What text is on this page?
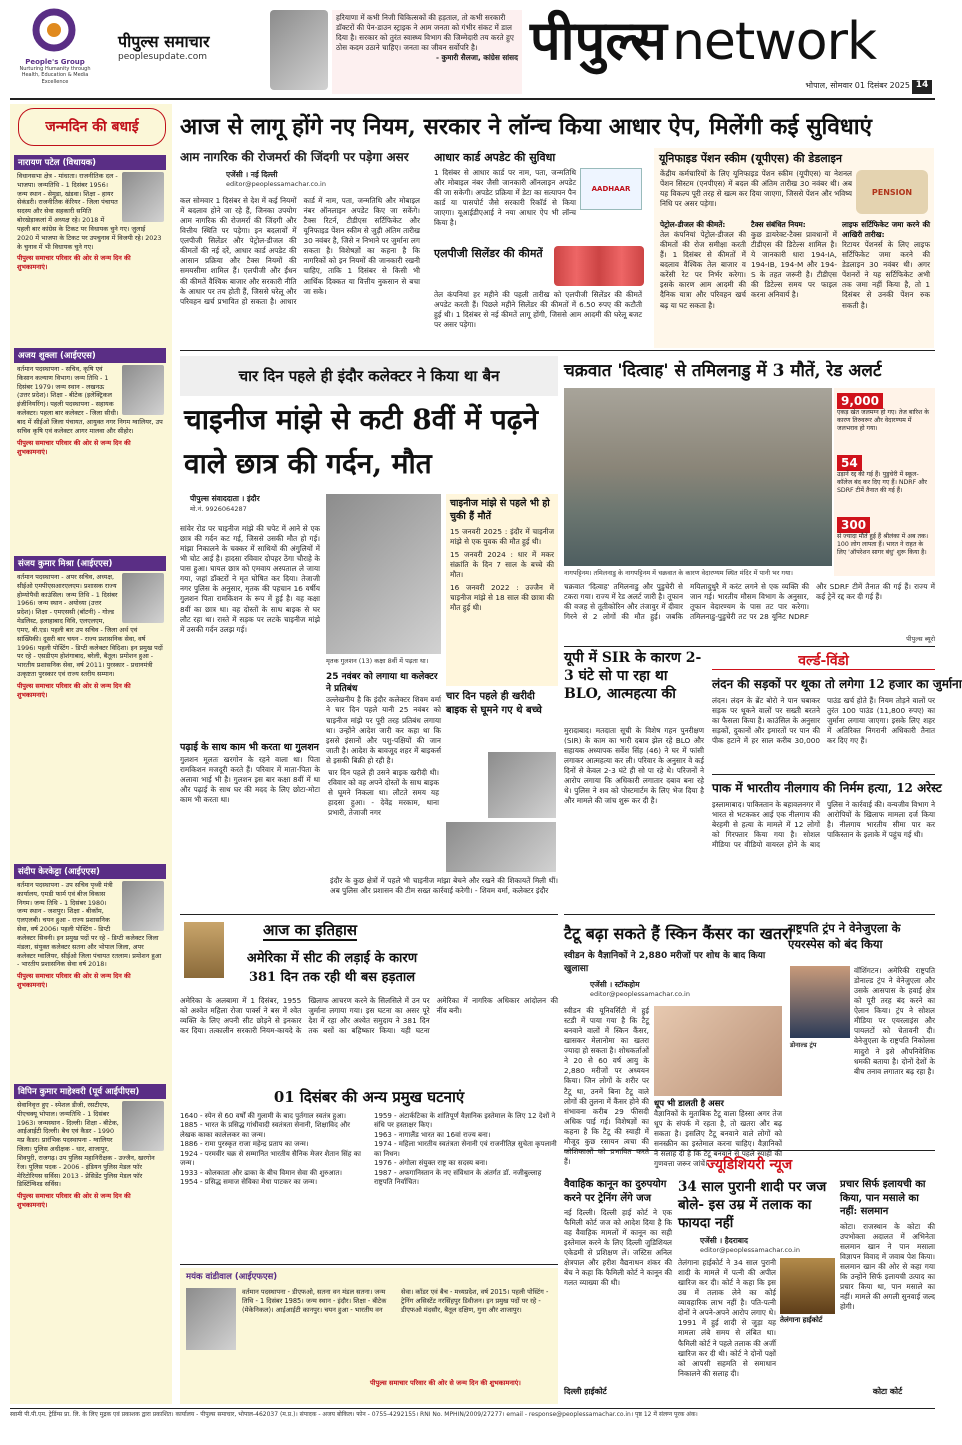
People's Group
Nurturing Humanity through Health, Education & Media Excellence
पीपुल्स समाचार
peoplesupdate.com
हरियाणा में कभी निजी चिकित्सकों की हड़ताल, तो कभी सरकारी डॉक्टरों की पेन-डाउन स्ट्राइक ने आम जनता को गंभीर संकट में डाल दिया है। सरकार को तुरंत स्वास्थ्य विभाग की जिम्मेदारी तय करते हुए ठोस कदम उठाने चाहिए। जनता का जीवन सर्वोपरि है।
- कुमारी सैलजा, कांग्रेस सांसद पीपुल्स network
भोपाल, सोमवार 01 दिसंबर 2025 14
जन्मदिन की बधाई
नारायण पटेल (विधायक)
विधानसभा क्षेत्र - मांधाता। राजनीतिक दल - भाजपा। जन्मतिथि - 1 दिसंबर 1956। जन्म स्थान - सेमुडा, खंडवा। शिक्षा - हायर सेकंडरी। राजनीतिक कॅरियर - जिला पंचायत सदस्य और सेवा सहकारी समिति बोरखेड़ाकलां में अध्यक्ष रहे। 2018 में पहली बार कांग्रेस के टिकट पर विधायक चुने गए। जुलाई 2020 में भाजपा के टिकट पर उपचुनाव में विजयी रहे। 2023 के चुनाव में भी विधायक चुने गए।
पीपुल्स समाचार परिवार की ओर से जन्म दिन की शुभकामनाएं।
अजय शुक्ला (आईएएस)
वर्तमान पदस्थापना - सचिव, कृषि एवं किसान कल्याण विभाग। जन्म तिथि - 1 दिसंबर 1979। जन्म स्थान - लखनऊ (उत्तर प्रदेश)। शिक्षा - बीटेक (इलेक्ट्रिकल इंजीनियरिंग)। पहली पदस्थापना - सहायक कलेक्टर। पहला बार कलेक्टर - जिला सीधी। बाद में सीईओ जिला पंचायत, आयुक्त नगर निगम ग्वालियर, उप सचिव कृषि एवं कलेक्टर आगर मालवा और सीहोर।
पीपुल्स समाचार परिवार की ओर से जन्म दिन की शुभकामनाएं।
संजय कुमार मिश्रा (आईएएस)
वर्तमान पदस्थापना - अपर सचिव, अध्यक्ष, सीईओ एमपीएसआरएलएम। प्रशासक राज्य होम्योपैथी काउंसिल। जन्म तिथि - 1 दिसंबर 1966। जन्म स्थान - अयोध्या (उत्तर प्रदेश)। शिक्षा - एमएससी (बॉटनी) - गोल्ड मेडलिस्ट, इलाहाबाद विवि, एलएलएम, एमए, बी.एड। पहली बार उप सचिव - जिला अर्थ एवं सांख्यिकी। दूसरी बार चयन - राज्य प्रशासनिक सेवा, वर्ष 1996। पहली पोस्टिंग - डिप्टी कलेक्टर विदिशा। इन प्रमुख पदों पर रहे - एसडीएम होशंगाबाद, बरेली, बैतूल। प्रमोशन हुआ - भारतीय प्रशासनिक सेवा, वर्ष 2011। पुरस्कार - प्रधानमंत्री उत्कृष्टता पुरस्कार एवं राज्य स्तरीय सम्मान।
पीपुल्स समाचार परिवार की ओर से जन्म दिन की शुभकामनाएं।
संदीप केरकेट्टा (आईएएस)
वर्तमान पदस्थापना - उप सचिव पृथ्वी मंत्री कार्यालय, एमडी फार्म एवं बीज विकास निगम। जन्म तिथि - 1 दिसंबर 1980। जन्म स्थान - जशपुर। शिक्षा - बीकॉम, एलएलबी। चयन हुआ - राज्य प्रशासनिक सेवा, वर्ष 2006। पहली पोस्टिंग - डिप्टी कलेक्टर सिवनी। इन प्रमुख पदों पर रहे - डिप्टी कलेक्टर जिला मंडला, संयुक्त कलेक्टर सतना और भोपाल जिला, अपर कलेक्टर ग्वालियर, सीईओ जिला पंचायत रतलाम। प्रमोशन हुआ - भारतीय प्रशासनिक सेवा वर्ष 2018।
पीपुल्स समाचार परिवार की ओर से जन्म दिन की शुभकामनाएं।
विपिन कुमार माहेश्वरी (पूर्व आईपीएस)
सेवानिवृत्त हुए - स्पेशल डीजी, रसटीएफ, पीएचक्यू भोपाल। जन्मतिथि - 1 दिसंबर 1963। जन्मस्थान - दिल्ली। शिक्षा - बीटेक, आईआईटी दिल्ली। बैच एवं कैडर - 1990 मप्र कैडर। प्रारंभिक पदस्थापना - ग्वालियर जिला। पुलिस अधीक्षक - धार, शाजापुर, शिवपुरी, राजगढ़। उप पुलिस महानिरीक्षक - उज्जैन, खरगोन रेंज। पुलिस पदक - 2006 - इंडियन पुलिस मेडल फॉर मेरिटोरियस सर्विस। 2013 - प्रेसिडेंट पुलिस मेडल फॉर डिस्टिंग्विश्ड सर्विस।
पीपुल्स समाचार परिवार की ओर से जन्म दिन की शुभकामनाएं।
आज से लागू होंगे नए नियम, सरकार ने लॉन्च किया आधार ऐप, मिलेंगी कई सुविधाएं
आम नागरिक की रोजमर्रा की जिंदगी पर पड़ेगा असर
एजेंसी । नई दिल्ली
editor@peoplessamachar.co.in
कल सोमवार 1 दिसंबर से देश में कई नियमों में बदलाव होने जा रहे हैं, जिनका उपयोग आम नागरिक की रोजमर्रा की जिंदगी और वित्तीय स्थिति पर पड़ेगा। इन बदलावों में एलपीजी सिलेंडर और पेट्रोल-डीजल की कीमतों की नई दरें, आधार कार्ड अपडेट की आसान प्रक्रिया और टैक्स नियमों की समयसीमा शामिल हैं। एलपीजी और ईंधन की कीमतें वैश्विक बाजार और सरकारी नीति के आधार पर तय होती हैं, जिससे घरेलू और परिवहन खर्च प्रभावित हो सकता है। आधार कार्ड में नाम, पता, जन्मतिथि और मोबाइल नंबर ऑनलाइन अपडेट किए जा सकेंगे। टैक्स रिटर्न, टीडीएस सर्टिफिकेट और यूनिफाइड पेंशन स्कीम से जुड़ी अंतिम तारीख 30 नवंबर है, जिसे न निभाने पर जुर्माना लग सकता है। विशेषज्ञों का कहना है कि नागरिकों को इन नियमों की जानकारी रखनी चाहिए, ताकि 1 दिसंबर से किसी भी आर्थिक दिक्कत या वित्तीय नुकसान से बचा जा सके।
आधार कार्ड अपडेट की सुविधा
AADHAAR
1 दिसंबर से आधार कार्ड पर नाम, पता, जन्मतिथि और मोबाइल नंबर जैसी जानकारी ऑनलाइन अपडेट की जा सकेगी। अपडेट प्रक्रिया में डेटा का सत्यापन पैन कार्ड या पासपोर्ट जैसे सरकारी रिकॉर्ड से किया जाएगा। यूआईडीएआई ने नया आधार ऐप भी लॉन्च किया है।
एलपीजी सिलेंडर की कीमतें
तेल कंपनियां हर महीने की पहली तारीख को एलपीजी सिलेंडर की कीमतें अपडेट करती हैं। पिछले महीने सिलेंडर की कीमतों में 6.50 रुपए की कटौती हुई थी। 1 दिसंबर से नई कीमतें लागू होंगी, जिससे आम आदमी की घरेलू बजट पर असर पड़ेगा।
यूनिफाइड पेंशन स्कीम (यूपीएस) की डेडलाइन
केंद्रीय कर्मचारियों के लिए यूनिफाइड पेंशन स्कीम (यूपीएस) या नेशनल पेंशन सिस्टम (एनपीएस) में बदल की अंतिम तारीख 30 नवंबर थी। अब यह विकल्प पूरी तरह से खत्म कर दिया जाएगा, जिससे पेंशन और भविष्य निधि पर असर पड़ेगा।
PENSION
पेट्रोल-डीजल की कीमतें:
तेल कंपनियां पेट्रोल-डीजल की कीमतों की रोज समीक्षा करती हैं। 1 दिसंबर से कीमतों में बदलाव वैश्विक तेल बाजार व करेंसी रेट पर निर्भर करेगा। इसके कारण आम आदमी की दैनिक यात्रा और परिवहन खर्च बढ़ या घट सकता है।
टैक्स संबंधित नियम:
कुछ डायरेक्ट-टैक्स प्रावधानों में टीडीएस की डिटेल्स शामिल है। ये जानकारी धारा 194-IA, 194-IB, 194-M और 194-S के तहत जरूरी है। टीडीएस की डिटेल्स समय पर फाइल करना अनिवार्य है।
लाइफ सर्टिफिकेट जमा करने की आखिरी तारीख:
रिटायर पेंशनर्स के लिए लाइफ सर्टिफिकेट जमा करने की डेडलाइन 30 नवंबर थी। अगर पेंशनरों ने यह सर्टिफिकेट अभी तक जमा नहीं किया है, तो 1 दिसंबर से उनकी पेंशन रुक सकती है।
चार दिन पहले ही इंदौर कलेक्टर ने किया था बैन
चाइनीज मांझे से कटी 8वीं में पढ़ने वाले छात्र की गर्दन, मौत
पीपुल्स संवाददाता । इंदौर
मो.नं. 9926064287
सांवेर रोड पर चाइनीज मांझे की चपेट में आने से एक छात्र की गर्दन कट गई, जिससे उसकी मौत हो गई। मांझा निकालने के चक्कर में साथियों की अंगुलियों में भी चोट आई है। हादसा रविवार दोपहर ठेंगा चौराहे के पास हुआ। घायल छात्र को एमवाय अस्पताल ले जाया गया, जहां डॉक्टरों ने मृत घोषित कर दिया। तेजाजी नगर पुलिस के अनुसार, मृतक की पहचान 16 वर्षीय गुलशन पिता रामकिशन के रूप में हुई है। वह कक्षा 8वीं का छात्र था। वह दोस्तों के साथ बाइक से घर लौट रहा था। रास्ते में सड़क पर लटके चाइनीज मांझे में उसकी गर्दन उलझ गई।
मृतक गुलशन (13) कक्षा 8वीं में पढ़ता था।
25 नवंबर को लगाया था कलेक्टर ने प्रतिबंध
उल्लेखनीय है कि इंदौर कलेक्टर शिवम वर्मा ने चार दिन पहले यानी 25 नवंबर को चाइनीज मांझे पर पूरी तरह प्रतिबंध लगाया था। उन्होंने आदेश जारी कर कहा था कि इससे इंसानों और पशु-पक्षियों की जान जाती है। आदेश के बावजूद शहर में बाइकर्स से इसकी बिक्री हो रही है।
पढ़ाई के साथ काम भी करता था गुलशन
गुलशन मूलतः खरगोन के रहने वाला था। पिता रामकिशन मजदूरी करते हैं। परिवार में माता-पिता के अलावा भाई भी है। गुलशन इस बार कक्षा 8वीं में था और पढ़ाई के साथ घर की मदद के लिए छोटा-मोटा काम भी करता था।
चार दिन पहले ही उसने बाइक खरीदी थी। रविवार को वह अपने दोस्तों के साथ बाइक से घूमने निकला था। लौटते समय यह हादसा हुआ। - देवेंद्र मरकाम, थाना प्रभारी, तेजाजी नगर
चाइनीज मांझे से पहले भी हो चुकी हैं मौतें
15 जनवरी 2025 : इंदौर में चाइनीज मांझे से एक युवक की मौत हुई थी।
15 जनवरी 2024 : धार में मकर संक्रांति के दिन 7 साल के बच्चे की मौत।
16 जनवरी 2022 : उज्जैन में चाइनीज मांझे से 18 साल की छात्रा की मौत हुई थी।
चार दिन पहले ही खरीदी बाइक से घूमने गए थे बच्चे
इंदौर के कुछ क्षेत्रों में पहले भी चाइनीज मांझा बेचने और रखने की शिकायतें मिली थीं। अब पुलिस और प्रशासन की टीम सख्त कार्रवाई करेगी। - शिवम वर्मा, कलेक्टर इंदौर
चक्रवात 'दित्वाह' से तमिलनाडु में 3 मौतें, रेड अलर्ट
नागपट्टिनम। तमिलनाडु के नागपट्टिनम में चक्रवात के कारण वेदारण्यम स्थित मंदिर में पानी भर गया।
9,000
एकड़ खेत जलमग्न हो गए। तेज बारिश के कारण तिरुवरूर और वेदारण्यम में जलभराव हो गया।
54
उड़ानें रद्द की गई हैं। पुडुचेरी में स्कूल-कॉलेज बंद कर दिए गए हैं। NDRF और SDRF टीमें तैनात की गई हैं।
300
से ज्यादा मौतें हुई हैं श्रीलंका में अब तक। 100 लोग लापता हैं। भारत ने राहत के लिए 'ऑपरेशन सागर बंधु' शुरू किया है।
चक्रवात 'दित्वाह' तमिलनाडु और पुडुचेरी से टकरा गया। राज्य में रेड अलर्ट जारी है। तूफान की वजह से तूतीकोरिन और तंजावुर में दीवार गिरने से 2 लोगों की मौत हुई। जबकि मयिलादुथुरै में करंट लगने से एक व्यक्ति की जान गई। भारतीय मौसम विभाग के अनुसार, तूफान वेदारण्यम के पास तट पार करेगा। तमिलनाडु-पुडुचेरी तट पर 28 यूनिट NDRF और SDRF टीमें तैनात की गई हैं। राज्य में कई ट्रेनें रद्द कर दी गई हैं।
पीपुल्स ब्यूरो
यूपी में SIR के कारण 2-3 घंटे सो पा रहा था BLO, आत्महत्या की
मुरादाबाद। मतदाता सूची के विशेष गहन पुनरीक्षण (SIR) के काम का भारी दबाव झेल रहे BLO और सहायक अध्यापक सर्वेश सिंह (46) ने घर में फांसी लगाकर आत्महत्या कर ली। परिवार के अनुसार वे कई दिनों से केवल 2-3 घंटे ही सो पा रहे थे। परिजनों ने आरोप लगाया कि अधिकारी लगातार दबाव बना रहे थे। पुलिस ने शव को पोस्टमार्टम के लिए भेज दिया है और मामले की जांच शुरू कर दी है।
वर्ल्ड-विंडो
लंदन की सड़कों पर थूका तो लगेगा 12 हजार का जुर्माना
लंदन। लंदन के ब्रेंट बोरो ने पान चबाकर सड़क पर थूकने वालों पर सख्ती बरतने का फैसला किया है। काउंसिल के अनुसार सड़कों, दुकानों और इमारतों पर पान की पीक हटाने में हर साल करीब 30,000 पाउंड खर्च होते हैं। नियम तोड़ने वालों पर तुरंत 100 पाउंड (11,800 रुपए) का जुर्माना लगाया जाएगा। इसके लिए शहर में अतिरिक्त निगरानी अधिकारी तैनात कर दिए गए हैं।
पाक में भारतीय नीलगाय की निर्मम हत्या, 12 अरेस्ट
इस्लामाबाद। पाकिस्तान के बहावलनगर में भारत से भटककर आई एक नीलगाय की बेरहमी से हत्या के मामले में 12 लोगों को गिरफ्तार किया गया है। सोशल मीडिया पर वीडियो वायरल होने के बाद पुलिस ने कार्रवाई की। वन्यजीव विभाग ने आरोपियों के खिलाफ मामला दर्ज किया है। नीलगाय भारतीय सीमा पार कर पाकिस्तान के इलाके में पहुंच गई थी।
आज का इतिहास
अमेरिका में सीट की लड़ाई के कारण 381 दिन तक रही थी बस हड़ताल
अमेरिका के अलबामा में 1 दिसंबर, 1955 को अश्वेत महिला रोजा पार्क्स ने बस में श्वेत व्यक्ति के लिए अपनी सीट छोड़ने से इनकार कर दिया। तत्कालीन सरकारी नियम-कायदे के खिलाफ आचरण करने के सिलसिले में उन पर जुर्माना लगाया गया। इस घटना का असर पूरे देश में रहा और अश्वेत समुदाय ने 381 दिन तक बसों का बहिष्कार किया। यही घटना अमेरिका में नागरिक अधिकार आंदोलन की नींव बनी।
01 दिसंबर की अन्य प्रमुख घटनाएं
1640 - स्पेन से 60 वर्षों की गुलामी के बाद पुर्तगाल स्वतंत्र हुआ।
1885 - भारत के प्रसिद्ध गांधीवादी स्वतंत्रता सेनानी, शिक्षाविद और लेखक काका कालेलकर का जन्म।
1886 - रामा पुरस्कृत राजा महेन्द्र प्रताप का जन्म।
1924 - परमवीर चक्र से सम्मानित भारतीय सैनिक मेजर शैतान सिंह का जन्म।
1933 - कोलकाता और ढाका के बीच विमान सेवा की शुरुआत।
1954 - प्रसिद्ध समाज सेविका मेधा पाटकर का जन्म।
1959 - अंटार्कटिका के शांतिपूर्ण वैज्ञानिक इस्तेमाल के लिए 12 देशों ने संधि पर हस्ताक्षर किए।
1963 - नागालैंड भारत का 16वां राज्य बना।
1974 - महिला भारतीय स्वतंत्रता सेनानी एवं राजनीतिज्ञ सुचेता कृपलानी का निधन।
1976 - अंगोला संयुक्त राष्ट्र का सदस्य बना।
1987 - अफगानिस्तान के नए संविधान के अंतर्गत डॉ. नजीबुल्लाह राष्ट्रपति निर्वाचित।
मयंक वांडीवाल (आईएफएस)
वर्तमान पदस्थापना - डीएफओ, सतना वन मंडल सतना। जन्म तिथि - 1 दिसंबर 1985। जन्म स्थान - इंदौर। शिक्षा - बीटेक (मेकेनिकल)। आईआईटी कानपुर। चयन हुआ - भारतीय वन सेवा। कॉडर एवं बैच - मध्यप्रदेश, वर्ष 2015। पहली पोस्टिंग - ट्रेनिंग असिस्टेंट नरसिंहपुर डिवीजन। इन प्रमुख पदों पर रहे - डीएफओ मंदसौर, बैतूल दक्षिण, गुना और शाजापुर।
पीपुल्स समाचार परिवार की ओर से जन्म दिन की शुभकामनाएं।
टैटू बढ़ा सकते हैं स्किन कैंसर का खतरा
स्वीडन के वैज्ञानिकों ने 2,880 मरीजों पर शोध के बाद किया खुलासा
एजेंसी । स्टॉकहोम
editor@peoplessamachar.co.in
स्वीडन की यूनिवर्सिटी में हुई स्टडी में पाया गया है कि टैटू बनवाने वालों में स्किन कैंसर, खासकर मेलानोमा का खतरा ज्यादा हो सकता है। शोधकर्ताओं ने 20 से 60 वर्ष आयु के 2,880 मरीजों पर अध्ययन किया। जिन लोगों के शरीर पर टैटू था, उनमें बिना टैटू वाले लोगों की तुलना में कैंसर होने की संभावना करीब 29 फीसदी अधिक पाई गई। विशेषज्ञों का कहना है कि टैटू की स्याही में मौजूद कुछ रसायन त्वचा की कोशिकाओं को प्रभावित करते हैं।
धूप भी डालती है असर
वैज्ञानिकों के मुताबिक टैटू वाला हिस्सा अगर तेज धूप के संपर्क में रहता है, तो खतरा और बढ़ सकता है। इसलिए टैटू बनवाने वाले लोगों को सनस्क्रीन का इस्तेमाल करना चाहिए। वैज्ञानिकों ने सलाह दी है कि टैटू बनवाने से पहले स्याही की गुणवत्ता जरूर जांचें।
राष्ट्रपति ट्रंप ने वेनेजुएला के एयरस्पेस को बंद किया
डोनाल्ड ट्रंप
वॉशिंगटन। अमेरिकी राष्ट्रपति डोनाल्ड ट्रंप ने वेनेजुएला और उसके आसपास के हवाई क्षेत्र को पूरी तरह बंद करने का ऐलान किया। ट्रंप ने सोशल मीडिया पर एयरलाइंस और पायलटों को चेतावनी दी। वेनेजुएला के राष्ट्रपति निकोलस मादुरो ने इसे औपनिवेशिक धमकी बताया है। दोनों देशों के बीच तनाव लगातार बढ़ रहा है।
ज्यूडिशियरी न्यूज
वैवाहिक कानून का दुरुपयोग करने पर ट्रेनिंग लेंगे जज
नई दिल्ली। दिल्ली हाई कोर्ट ने एक फैमिली कोर्ट जज को आदेश दिया है कि वह वैवाहिक मामलों में कानून का सही इस्तेमाल करने के लिए दिल्ली जुडिशियल एकेडमी से प्रशिक्षण लें। जस्टिस अनिल क्षेत्रपाल और हरीश वैद्यनाथन शंकर की बेंच ने कहा कि फैमिली कोर्ट ने कानून की गलत व्याख्या की थी।
दिल्ली हाईकोर्ट
34 साल पुरानी शादी पर जज बोले- इस उम्र में तलाक का फायदा नहीं
एजेंसी । हैदराबाद
editor@peoplessamachar.co.in
तेलंगाना हाईकोर्ट ने 34 साल पुरानी शादी के मामले में पत्नी की अपील खारिज कर दी। कोर्ट ने कहा कि इस उम्र में तलाक लेने का कोई व्यावहारिक लाभ नहीं है। पति-पत्नी दोनों ने अपने-अपने आरोप लगाए थे। 1991 में हुई शादी से जुड़ा यह मामला लंबे समय से लंबित था। फैमिली कोर्ट ने पहले तलाक की अर्जी खारिज कर दी थी। कोर्ट ने दोनों पक्षों को आपसी सहमति से समाधान निकालने की सलाह दी।
तेलंगाना हाईकोर्ट
प्रचार सिर्फ इलायची का किया, पान मसाले का नहीं: सलमान
कोटा। राजस्थान के कोटा की उपभोक्ता अदालत में अभिनेता सलमान खान ने पान मसाला विज्ञापन विवाद में जवाब पेश किया। सलमान खान की ओर से कहा गया कि उन्होंने सिर्फ इलायची उत्पाद का प्रचार किया था, पान मसाले का नहीं। मामले की अगली सुनवाई जल्द होगी।
कोटा कोर्ट
स्वामी पी.पी.एम. ट्रेडिंग्स प्रा. लि. के लिए मुद्रक एवं प्रकाशक द्वारा प्रकाशित। कार्यालय - पीपुल्स समाचार, भोपाल-462037 (म.प्र.)। संपादक - अजय बोकिल। फोन - 0755-4292155। RNI No. MPHIN/2009/27277। email - response@peoplessamachar.co.in। पृष्ठ 12 में संलग्न पूरक अंक।
